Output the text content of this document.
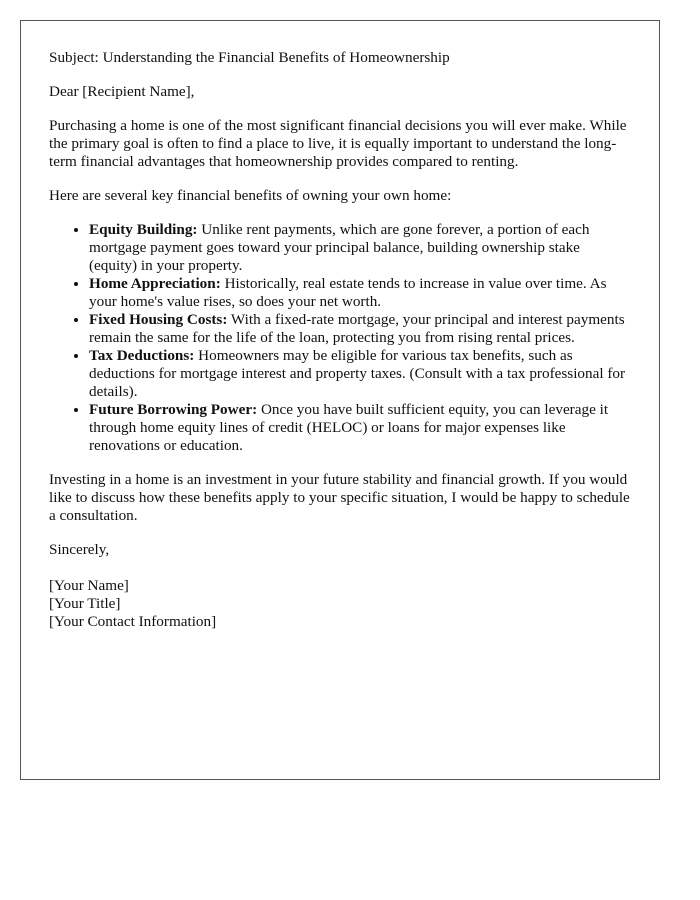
Subject: Understanding the Financial Benefits of Homeownership

Dear [Recipient Name],

Purchasing a home is one of the most significant financial decisions you will ever make. While the primary goal is often to find a place to live, it is equally important to understand the long-term financial advantages that homeownership provides compared to renting.

Here are several key financial benefits of owning your own home:

• Equity Building: Unlike rent payments, which are gone forever, a portion of each mortgage payment goes toward your principal balance, building ownership stake (equity) in your property.
• Home Appreciation: Historically, real estate tends to increase in value over time. As your home's value rises, so does your net worth.
• Fixed Housing Costs: With a fixed-rate mortgage, your principal and interest payments remain the same for the life of the loan, protecting you from rising rental prices.
• Tax Deductions: Homeowners may be eligible for various tax benefits, such as deductions for mortgage interest and property taxes. (Consult with a tax professional for details).
• Future Borrowing Power: Once you have built sufficient equity, you can leverage it through home equity lines of credit (HELOC) or loans for major expenses like renovations or education.

Investing in a home is an investment in your future stability and financial growth. If you would like to discuss how these benefits apply to your specific situation, I would be happy to schedule a consultation.

Sincerely,

[Your Name]
[Your Title]
[Your Contact Information]
